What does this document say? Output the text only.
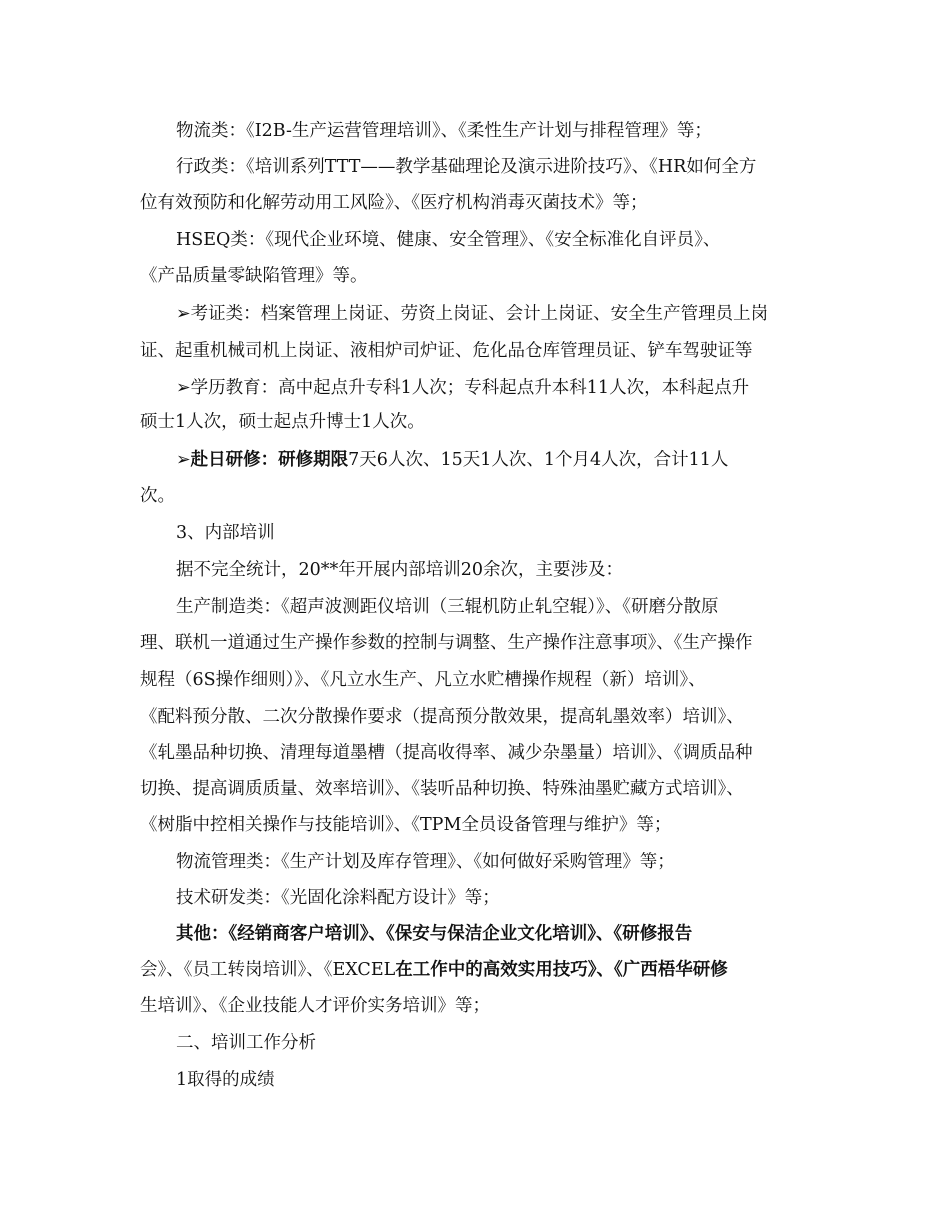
物流类：《I2B-生产运营管理培训》、《柔性生产计划与排程管理》等；
行政类：《培训系列TTT——教学基础理论及演示进阶技巧》、《HR如何全方
位有效预防和化解劳动用工风险》、《医疗机构消毒灭菌技术》等；
HSEQ类：《现代企业环境、健康、安全管理》、《安全标准化自评员》、
《产品质量零缺陷管理》等。
➢考证类：档案管理上岗证、劳资上岗证、会计上岗证、安全生产管理员上岗
证、起重机械司机上岗证、液相炉司炉证、危化品仓库管理员证、铲车驾驶证等
➢学历教育：高中起点升专科1人次；专科起点升本科11人次，本科起点升
硕士1人次，硕士起点升博士1人次。
➢赴日研修：研修期限7天6人次、15天1人次、1个月4人次，合计11人
次。
3、内部培训
据不完全统计，20**年开展内部培训20余次，主要涉及：
生产制造类：《超声波测距仪培训（三辊机防止轧空辊）》、《研磨分散原
理、联机一道通过生产操作参数的控制与调整、生产操作注意事项》、《生产操作
规程（6S操作细则）》、《凡立水生产、凡立水贮槽操作规程（新）培训》、
《配料预分散、二次分散操作要求（提高预分散效果，提高轧墨效率）培训》、
《轧墨品种切换、清理每道墨槽（提高收得率、减少杂墨量）培训》、《调质品种
切换、提高调质质量、效率培训》、《装听品种切换、特殊油墨贮藏方式培训》、
《树脂中控相关操作与技能培训》、《TPM全员设备管理与维护》等；
物流管理类：《生产计划及库存管理》、《如何做好采购管理》等；
技术研发类：《光固化涂料配方设计》等；
其他：《经销商客户培训》、《保安与保洁企业文化培训》、《研修报告
会》、《员工转岗培训》、《EXCEL在工作中的高效实用技巧》、《广西梧华研修
生培训》、《企业技能人才评价实务培训》等；
二、培训工作分析
1取得的成绩
